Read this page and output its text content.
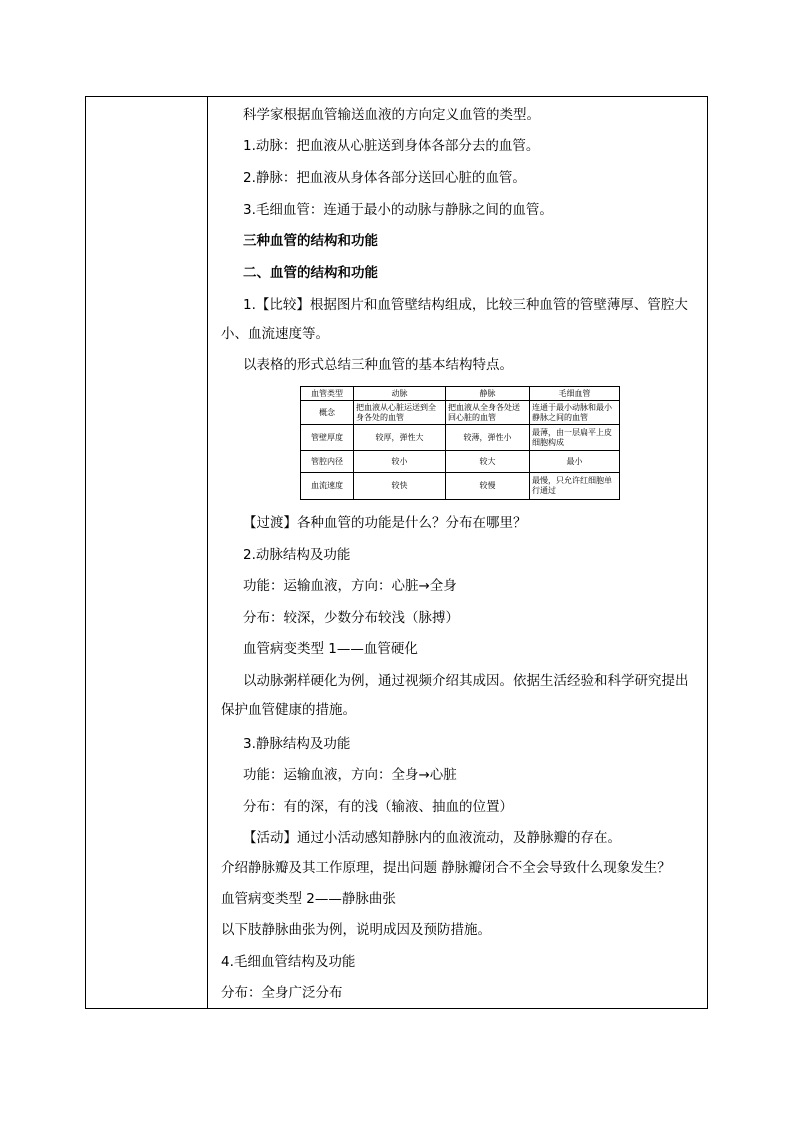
科学家根据血管输送血液的方向定义血管的类型。
1.动脉：把血液从心脏送到身体各部分去的血管。
2.静脉：把血液从身体各部分送回心脏的血管。
3.毛细血管：连通于最小的动脉与静脉之间的血管。
三种血管的结构和功能
二、血管的结构和功能
1.【比较】根据图片和血管壁结构组成，比较三种血管的管壁薄厚、管腔大
小、血流速度等。
以表格的形式总结三种血管的基本结构特点。
血管类型	动脉	静脉	毛细血管
概念	把血液从心脏运送到全身各处的血管	把血液从全身各处送回心脏的血管	连通于最小动脉和最小静脉之间的血管
管壁厚度	较厚，弹性大	较薄，弹性小	最薄，由一层扁平上皮细胞构成
管腔内径	较小	较大	最小
血流速度	较快	较慢	最慢，只允许红细胞单行通过
【过渡】各种血管的功能是什么？分布在哪里？
2.动脉结构及功能
功能：运输血液，方向：心脏→全身
分布：较深，少数分布较浅（脉搏）
血管病变类型 1——血管硬化
以动脉粥样硬化为例，通过视频介绍其成因。依据生活经验和科学研究提出
保护血管健康的措施。
3.静脉结构及功能
功能：运输血液，方向：全身→心脏
分布：有的深，有的浅（输液、抽血的位置）
【活动】通过小活动感知静脉内的血液流动，及静脉瓣的存在。
介绍静脉瓣及其工作原理，提出问题 静脉瓣闭合不全会导致什么现象发生？
血管病变类型 2——静脉曲张
以下肢静脉曲张为例，说明成因及预防措施。
4.毛细血管结构及功能
分布：全身广泛分布
